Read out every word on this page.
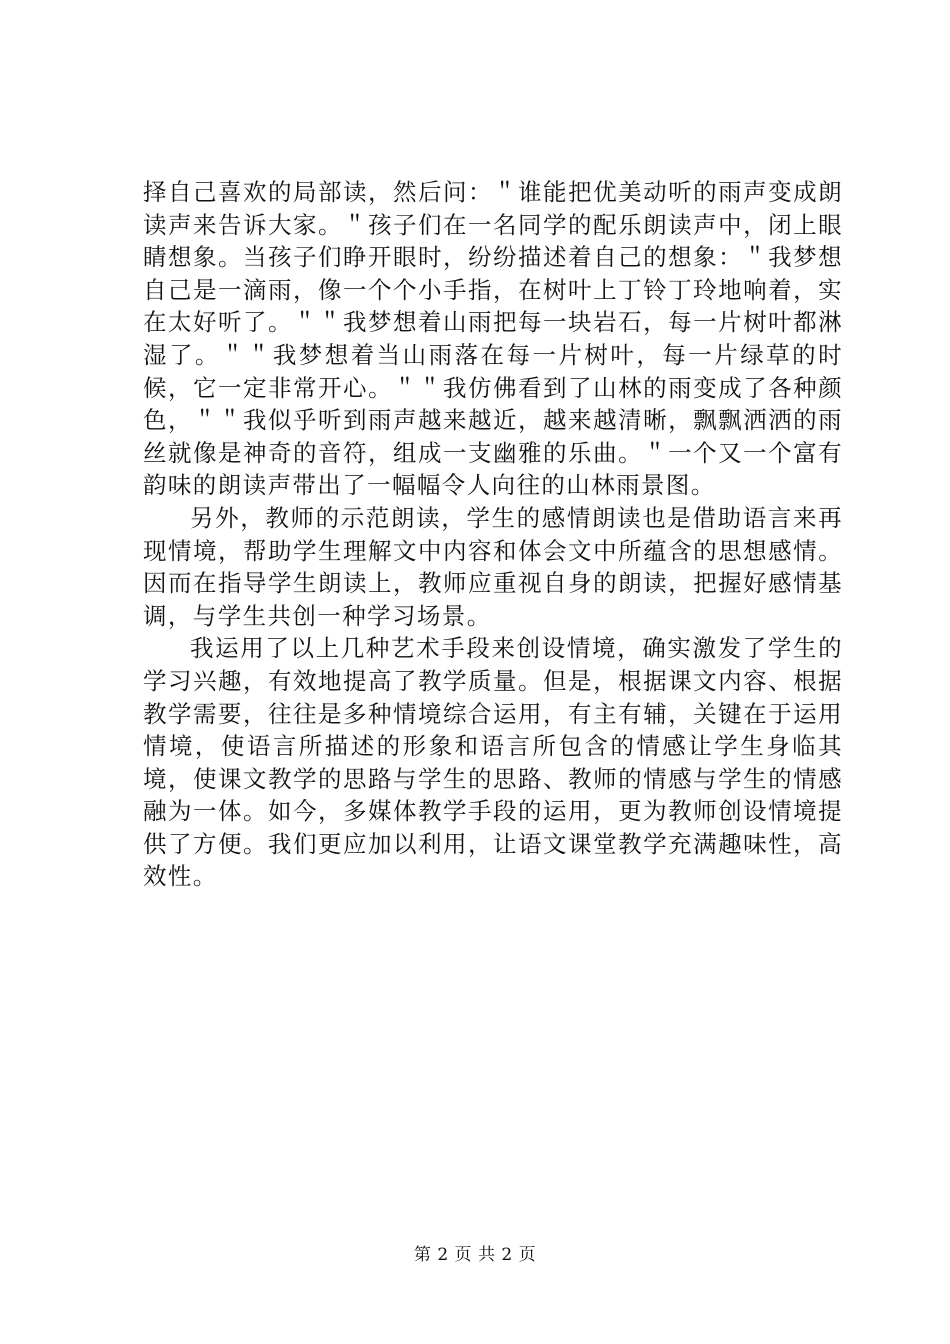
择自己喜欢的局部读，然后问：＂谁能把优美动听的雨声变成朗读声来告诉大家。＂孩子们在一名同学的配乐朗读声中，闭上眼睛想象。当孩子们睁开眼时，纷纷描述着自己的想象：＂我梦想自己是一滴雨，像一个个小手指，在树叶上丁铃丁玲地响着，实在太好听了。＂＂我梦想着山雨把每一块岩石，每一片树叶都淋湿了。＂＂我梦想着当山雨落在每一片树叶，每一片绿草的时候，它一定非常开心。＂＂我仿佛看到了山林的雨变成了各种颜色，＂＂我似乎听到雨声越来越近，越来越清晰，飘飘洒洒的雨丝就像是神奇的音符，组成一支幽雅的乐曲。＂一个又一个富有韵味的朗读声带出了一幅幅令人向往的山林雨景图。

另外，教师的示范朗读，学生的感情朗读也是借助语言来再现情境，帮助学生理解文中内容和体会文中所蕴含的思想感情。因而在指导学生朗读上，教师应重视自身的朗读，把握好感情基调，与学生共创一种学习场景。

我运用了以上几种艺术手段来创设情境，确实激发了学生的学习兴趣，有效地提高了教学质量。但是，根据课文内容、根据教学需要，往往是多种情境综合运用，有主有辅，关键在于运用情境，使语言所描述的形象和语言所包含的情感让学生身临其境，使课文教学的思路与学生的思路、教师的情感与学生的情感融为一体。如今，多媒体教学手段的运用，更为教师创设情境提供了方便。我们更应加以利用，让语文课堂教学充满趣味性，高效性。

第 2 页 共 2 页
